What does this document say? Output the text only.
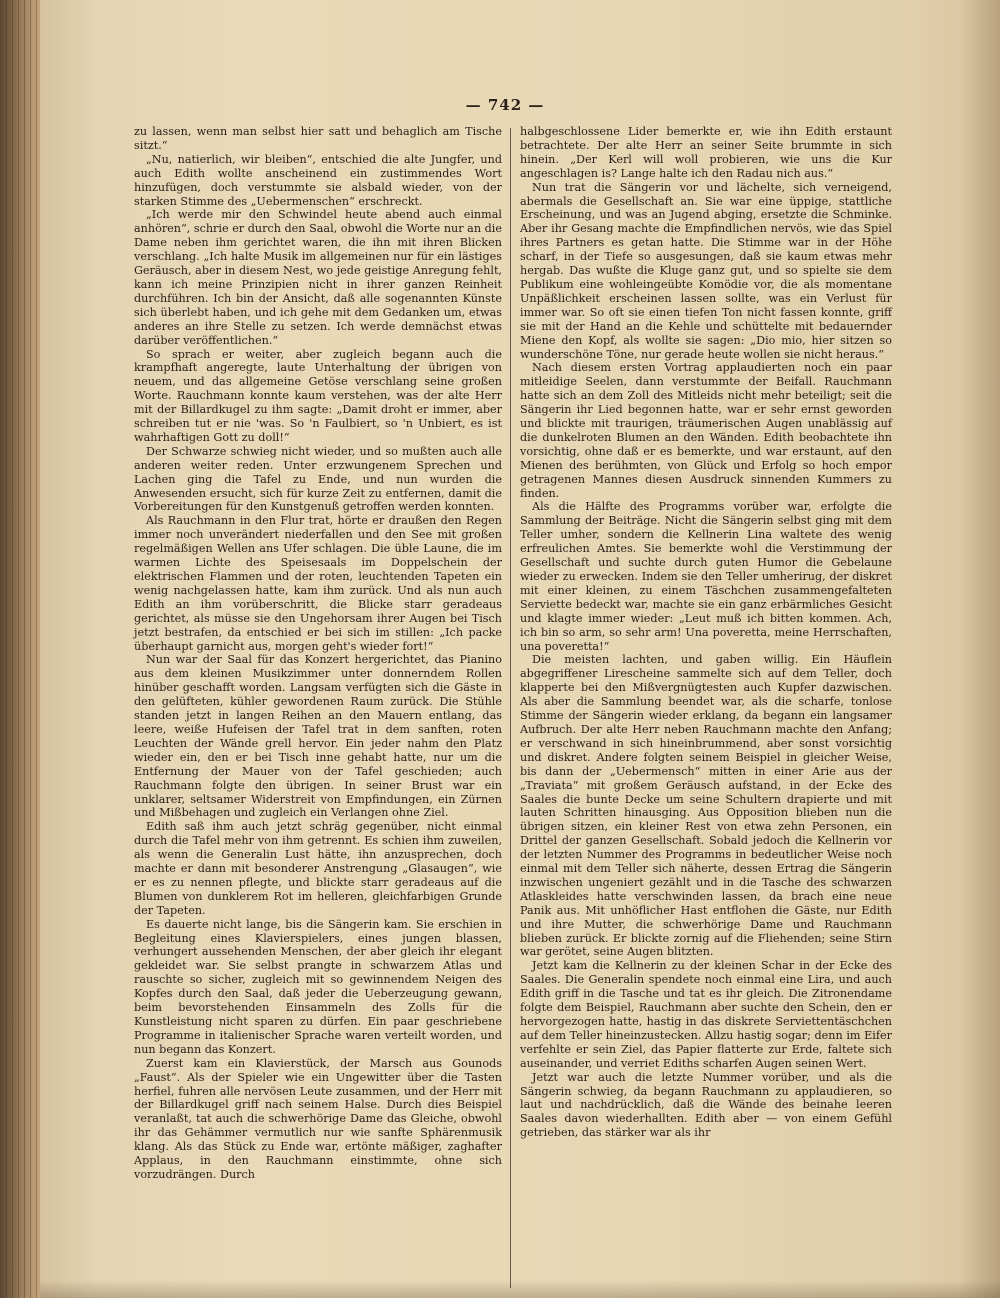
— 742 —

zu lassen, wenn man selbst hier satt und behaglich am Tische sitzt.“

„Nu, natierlich, wir bleiben“, entschied die alte Jungfer, und auch Edith wollte anscheinend ein zustimmendes Wort hinzufügen, doch verstummte sie alsbald wieder, von der starken Stimme des „Uebermenschen“ erschreckt.

„Ich werde mir den Schwindel heute abend auch einmal anhören“, schrie er durch den Saal, obwohl die Worte nur an die Dame neben ihm gerichtet waren, die ihn mit ihren Blicken verschlang. „Ich halte Musik im allgemeinen nur für ein lästiges Geräusch, aber in diesem Nest, wo jede geistige Anregung fehlt, kann ich meine Prinzipien nicht in ihrer ganzen Reinheit durchführen. Ich bin der Ansicht, daß alle sogenannten Künste sich überlebt haben, und ich gehe mit dem Gedanken um, etwas anderes an ihre Stelle zu setzen. Ich werde demnächst etwas darüber veröffentlichen.“

So sprach er weiter, aber zugleich begann auch die krampfhaft angeregte, laute Unterhaltung der übrigen von neuem, und das allgemeine Getöse verschlang seine großen Worte. Rauchmann konnte kaum verstehen, was der alte Herr mit der Billardkugel zu ihm sagte: „Damit droht er immer, aber schreiben tut er nie 'was. So 'n Faulbiert, so 'n Unbiert, es ist wahrhaftigen Gott zu doll!“

Der Schwarze schwieg nicht wieder, und so mußten auch alle anderen weiter reden. Unter erzwungenem Sprechen und Lachen ging die Tafel zu Ende, und nun wurden die Anwesenden ersucht, sich für kurze Zeit zu entfernen, damit die Vorbereitungen für den Kunstgenuß getroffen werden konnten.

Als Rauchmann in den Flur trat, hörte er draußen den Regen immer noch unverändert niederfallen und den See mit großen regelmäßigen Wellen ans Ufer schlagen. Die üble Laune, die im warmen Lichte des Speisesaals im Doppelschein der elektrischen Flammen und der roten, leuchtenden Tapeten ein wenig nachgelassen hatte, kam ihm zurück. Und als nun auch Edith an ihm vorüberschritt, die Blicke starr geradeaus gerichtet, als müsse sie den Ungehorsam ihrer Augen bei Tisch jetzt bestrafen, da entschied er bei sich im stillen: „Ich packe überhaupt garnicht aus, morgen geht's wieder fort!“

Nun war der Saal für das Konzert hergerichtet, das Pianino aus dem kleinen Musikzimmer unter donnerndem Rollen hinüber geschafft worden. Langsam verfügten sich die Gäste in den gelüfteten, kühler gewordenen Raum zurück. Die Stühle standen jetzt in langen Reihen an den Mauern entlang, das leere, weiße Hufeisen der Tafel trat in dem sanften, roten Leuchten der Wände grell hervor. Ein jeder nahm den Platz wieder ein, den er bei Tisch inne gehabt hatte, nur um die Entfernung der Mauer von der Tafel geschieden; auch Rauchmann folgte den übrigen. In seiner Brust war ein unklarer, seltsamer Widerstreit von Empfindungen, ein Zürnen und Mißbehagen und zugleich ein Verlangen ohne Ziel.

Edith saß ihm auch jetzt schräg gegenüber, nicht einmal durch die Tafel mehr von ihm getrennt. Es schien ihm zuweilen, als wenn die Generalin Lust hätte, ihn anzusprechen, doch machte er dann mit besonderer Anstrengung „Glasaugen“, wie er es zu nennen pflegte, und blickte starr geradeaus auf die Blumen von dunklerem Rot im helleren, gleichfarbigen Grunde der Tapeten.

Es dauerte nicht lange, bis die Sängerin kam. Sie erschien in Begleitung eines Klavierspielers, eines jungen blassen, verhungert aussehenden Menschen, der aber gleich ihr elegant gekleidet war. Sie selbst prangte in schwarzem Atlas und rauschte so sicher, zugleich mit so gewinnendem Neigen des Kopfes durch den Saal, daß jeder die Ueberzeugung gewann, beim bevorstehenden Einsammeln des Zolls für die Kunstleistung nicht sparen zu dürfen. Ein paar geschriebene Programme in italienischer Sprache waren verteilt worden, und nun begann das Konzert.

Zuerst kam ein Klavierstück, der Marsch aus Gounods „Faust“. Als der Spieler wie ein Ungewitter über die Tasten herfiel, fuhren alle nervösen Leute zusammen, und der Herr mit der Billardkugel griff nach seinem Halse. Durch dies Beispiel veranlaßt, tat auch die schwerhörige Dame das Gleiche, obwohl ihr das Gehämmer vermutlich nur wie sanfte Sphärenmusik klang. Als das Stück zu Ende war, ertönte mäßiger, zaghafter Applaus, in den Rauchmann einstimmte, ohne sich vorzudrängen. Durch

halbgeschlossene Lider bemerkte er, wie ihn Edith erstaunt betrachtete. Der alte Herr an seiner Seite brummte in sich hinein. „Der Kerl will woll probieren, wie uns die Kur angeschlagen is? Lange halte ich den Radau nich aus.“

Nun trat die Sängerin vor und lächelte, sich verneigend, abermals die Gesellschaft an. Sie war eine üppige, stattliche Erscheinung, und was an Jugend abging, ersetzte die Schminke. Aber ihr Gesang machte die Empfindlichen nervös, wie das Spiel ihres Partners es getan hatte. Die Stimme war in der Höhe scharf, in der Tiefe so ausgesungen, daß sie kaum etwas mehr hergab. Das wußte die Kluge ganz gut, und so spielte sie dem Publikum eine wohleingeübte Komödie vor, die als momentane Unpäßlichkeit erscheinen lassen sollte, was ein Verlust für immer war. So oft sie einen tiefen Ton nicht fassen konnte, griff sie mit der Hand an die Kehle und schüttelte mit bedauernder Miene den Kopf, als wollte sie sagen: „Dio mio, hier sitzen so wunderschöne Töne, nur gerade heute wollen sie nicht heraus.“

Nach diesem ersten Vortrag applaudierten noch ein paar mitleidige Seelen, dann verstummte der Beifall. Rauchmann hatte sich an dem Zoll des Mitleids nicht mehr beteiligt; seit die Sängerin ihr Lied begonnen hatte, war er sehr ernst geworden und blickte mit traurigen, träumerischen Augen unablässig auf die dunkelroten Blumen an den Wänden. Edith beobachtete ihn vorsichtig, ohne daß er es bemerkte, und war erstaunt, auf den Mienen des berühmten, von Glück und Erfolg so hoch empor getragenen Mannes diesen Ausdruck sinnenden Kummers zu finden.

Als die Hälfte des Programms vorüber war, erfolgte die Sammlung der Beiträge. Nicht die Sängerin selbst ging mit dem Teller umher, sondern die Kellnerin Lina waltete des wenig erfreulichen Amtes. Sie bemerkte wohl die Verstimmung der Gesellschaft und suchte durch guten Humor die Gebelaune wieder zu erwecken. Indem sie den Teller umherirug, der diskret mit einer kleinen, zu einem Täschchen zusammengefalteten Serviette bedeckt war, machte sie ein ganz erbärmliches Gesicht und klagte immer wieder: „Leut muß ich bitten kommen. Ach, ich bin so arm, so sehr arm! Una poveretta, meine Herrschaften, una poveretta!“

Die meisten lachten, und gaben willig. Ein Häuflein abgegriffener Lirescheine sammelte sich auf dem Teller, doch klapperte bei den Mißvergnügtesten auch Kupfer dazwischen. Als aber die Sammlung beendet war, als die scharfe, tonlose Stimme der Sängerin wieder erklang, da begann ein langsamer Aufbruch. Der alte Herr neben Rauchmann machte den Anfang; er verschwand in sich hineinbrummend, aber sonst vorsichtig und diskret. Andere folgten seinem Beispiel in gleicher Weise, bis dann der „Uebermensch“ mitten in einer Arie aus der „Traviata“ mit großem Geräusch aufstand, in der Ecke des Saales die bunte Decke um seine Schultern drapierte und mit lauten Schritten hinausging. Aus Opposition blieben nun die übrigen sitzen, ein kleiner Rest von etwa zehn Personen, ein Drittel der ganzen Gesellschaft. Sobald jedoch die Kellnerin vor der letzten Nummer des Programms in bedeutlicher Weise noch einmal mit dem Teller sich näherte, dessen Ertrag die Sängerin inzwischen ungeniert gezählt und in die Tasche des schwarzen Atlaskleides hatte verschwinden lassen, da brach eine neue Panik aus. Mit unhöflicher Hast entflohen die Gäste, nur Edith und ihre Mutter, die schwerhörige Dame und Rauchmann blieben zurück. Er blickte zornig auf die Fliehenden; seine Stirn war gerötet, seine Augen blitzten.

Jetzt kam die Kellnerin zu der kleinen Schar in der Ecke des Saales. Die Generalin spendete noch einmal eine Lira, und auch Edith griff in die Tasche und tat es ihr gleich. Die Zitronendame folgte dem Beispiel, Rauchmann aber suchte den Schein, den er hervorgezogen hatte, hastig in das diskrete Serviettentäschchen auf dem Teller hineinzustecken. Allzu hastig sogar; denn im Eifer verfehlte er sein Ziel, das Papier flatterte zur Erde, faltete sich auseinander, und verriet Ediths scharfen Augen seinen Wert.

Jetzt war auch die letzte Nummer vorüber, und als die Sängerin schwieg, da begann Rauchmann zu applaudieren, so laut und nachdrücklich, daß die Wände des beinahe leeren Saales davon wiederhallten. Edith aber — von einem Gefühl getrieben, das stärker war als ihr
